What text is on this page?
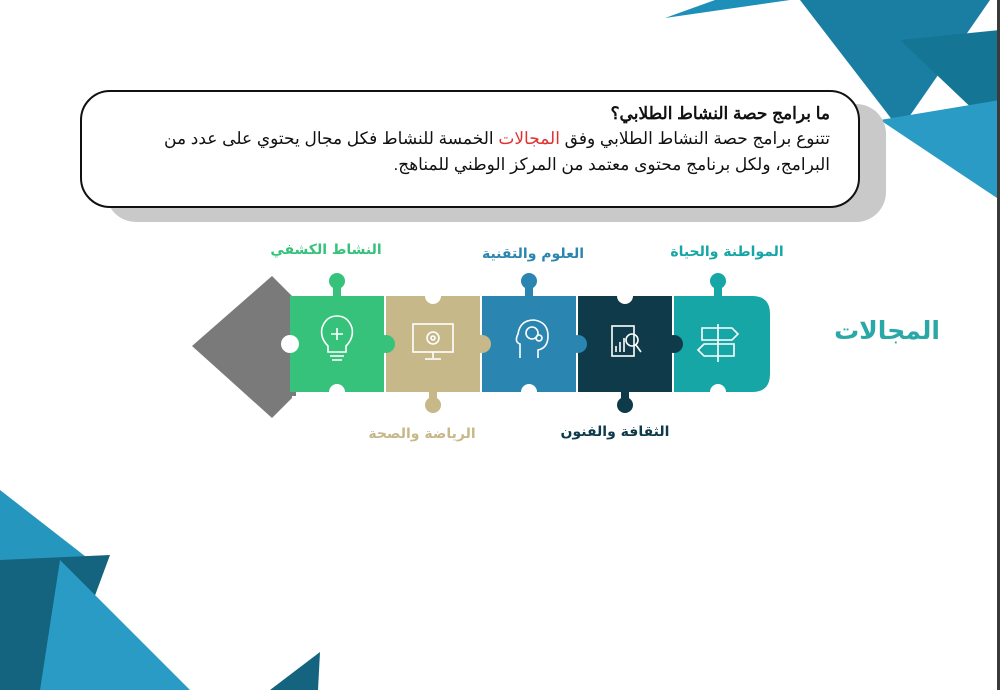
ما برامج حصة النشاط الطلابي؟
تتنوع برامج حصة النشاط الطلابي وفق المجالات الخمسة للنشاط فكل مجال يحتوي على عدد من البرامج، ولكل برنامج محتوى معتمد من المركز الوطني للمناهج.
المواطنة والحياة
الثقافة والفنون
العلوم والتقنية
الرياضة والصحة
النشاط الكشفي
المجالات
